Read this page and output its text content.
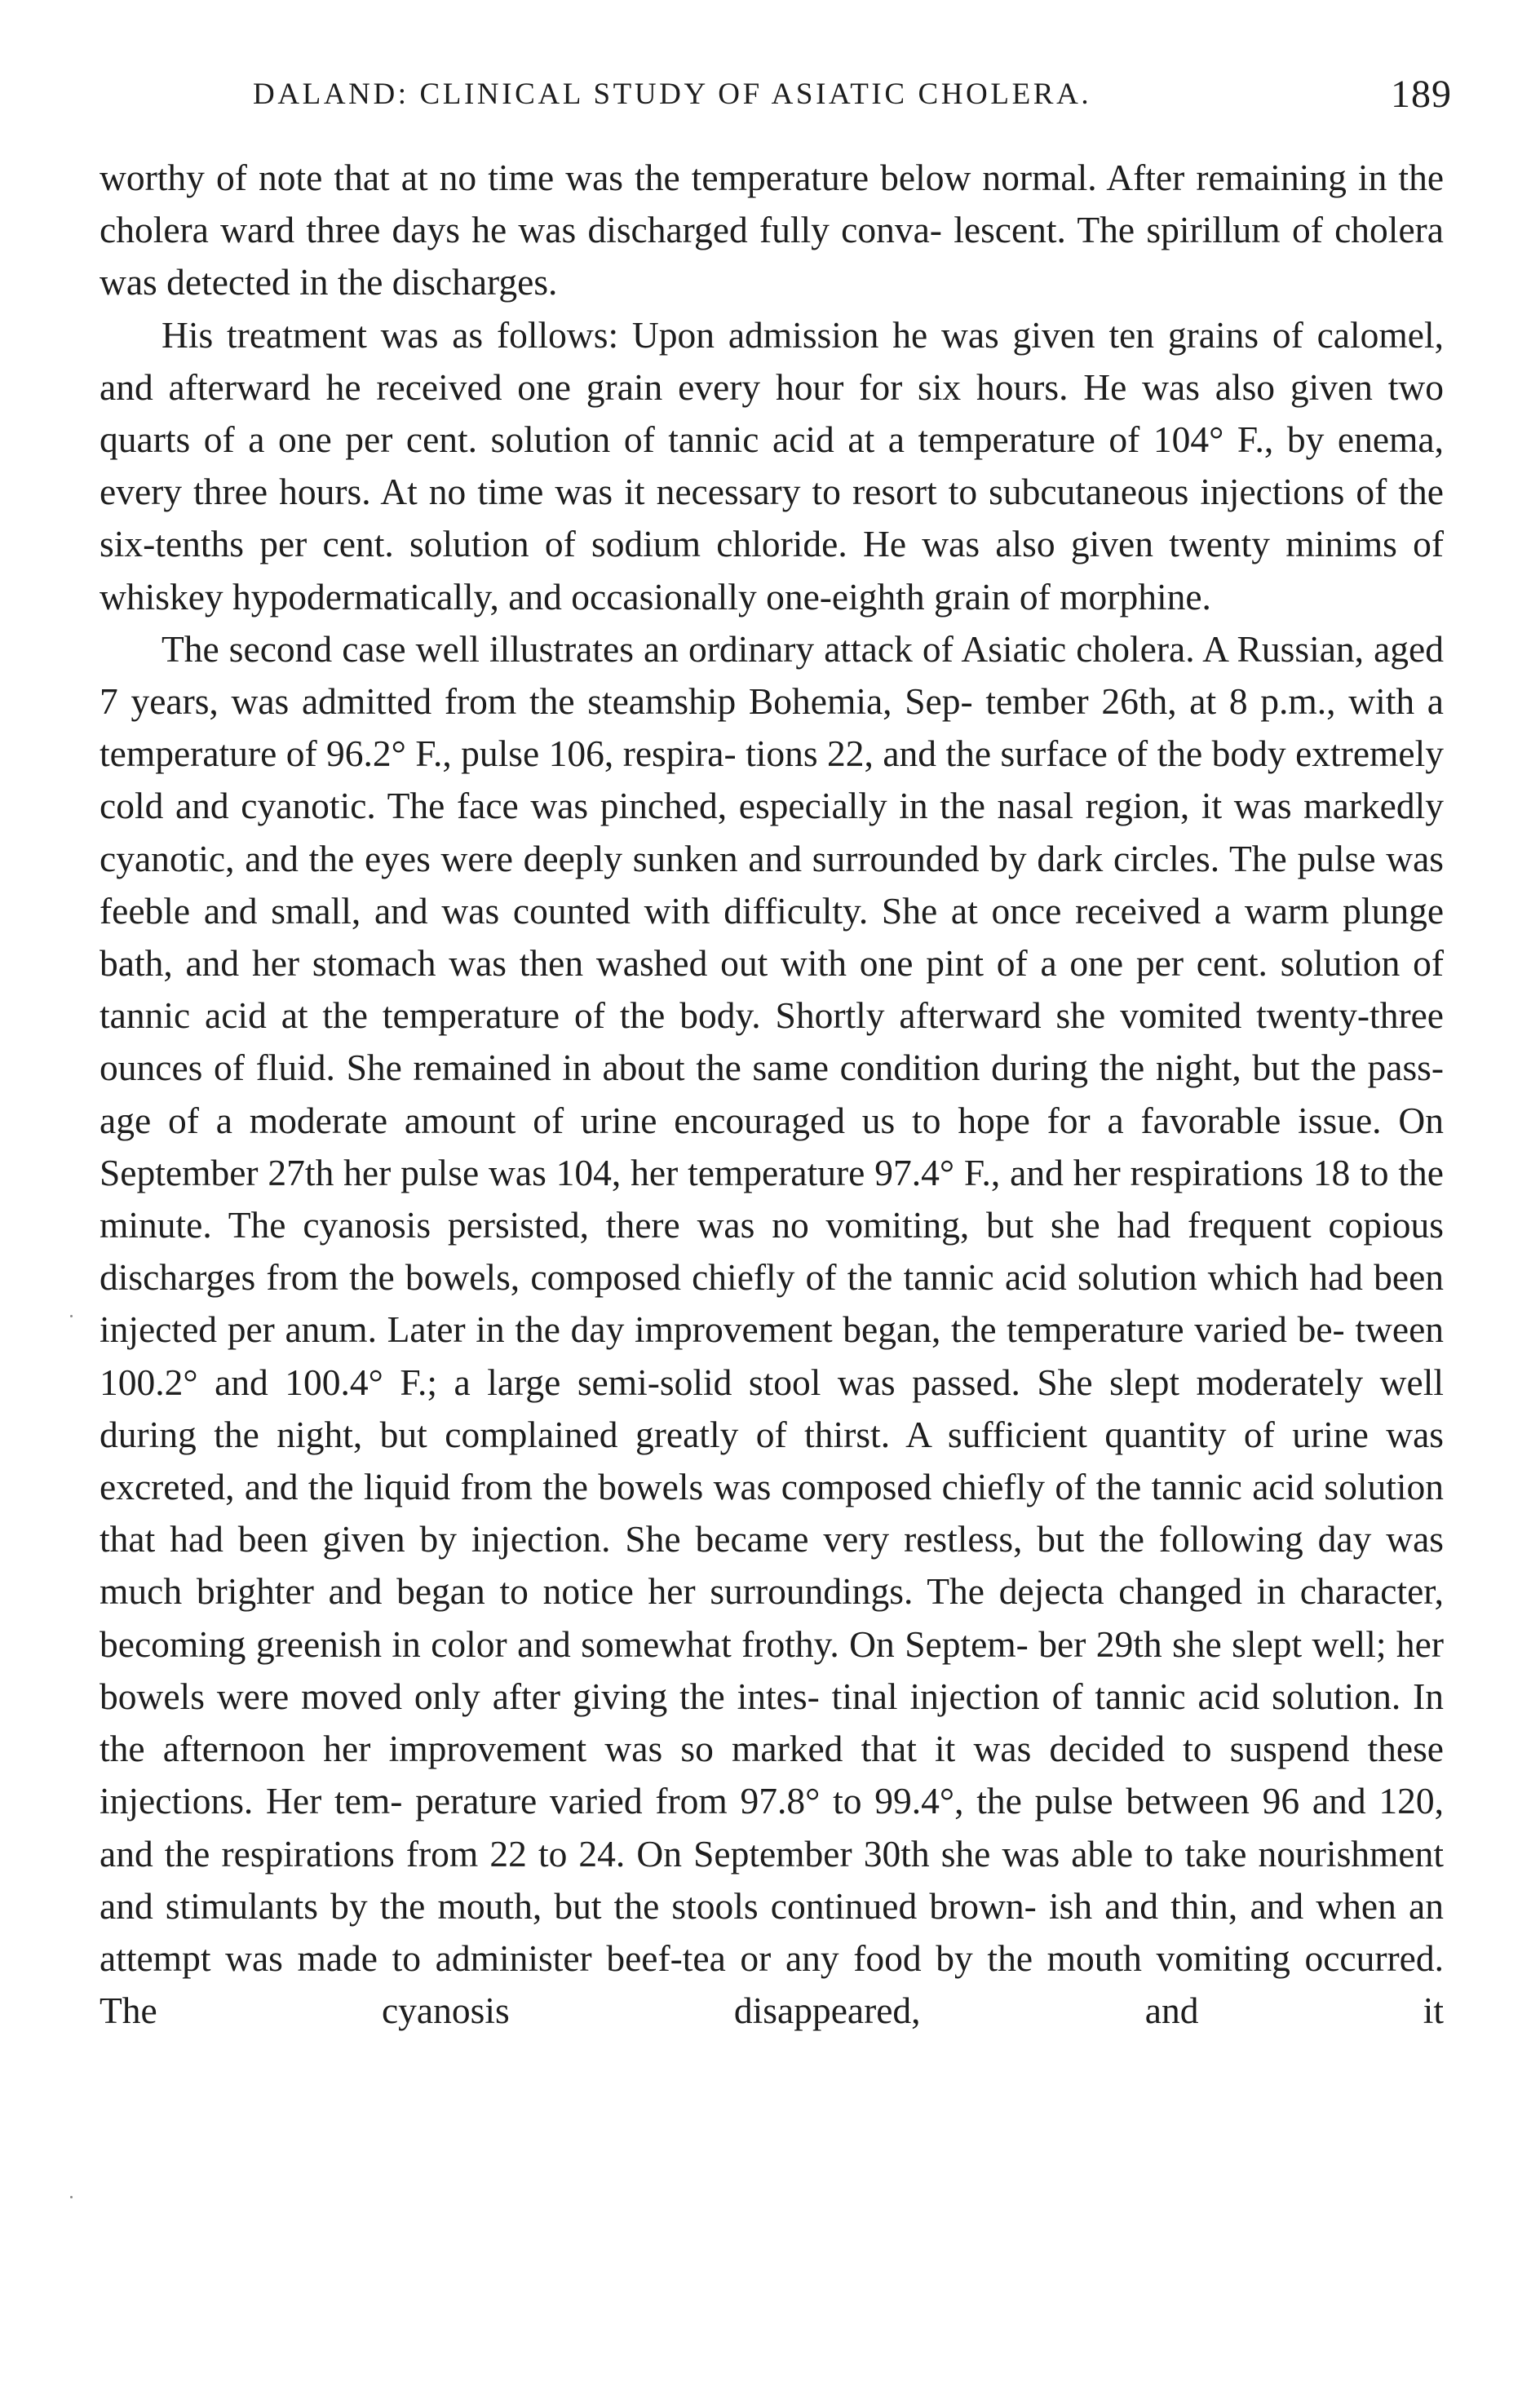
DALAND: CLINICAL STUDY OF ASIATIC CHOLERA.	189

worthy of note that at no time was the temperature below normal. After remaining in the cholera ward three days he was discharged fully conva- lescent. The spirillum of cholera was detected in the discharges.

His treatment was as follows: Upon admission he was given ten grains of calomel, and afterward he received one grain every hour for six hours. He was also given two quarts of a one per cent. solution of tannic acid at a temperature of 104° F., by enema, every three hours. At no time was it necessary to resort to subcutaneous injections of the six-tenths per cent. solution of sodium chloride. He was also given twenty minims of whiskey hypodermatically, and occasionally one-eighth grain of morphine.

The second case well illustrates an ordinary attack of Asiatic cholera. A Russian, aged 7 years, was admitted from the steamship Bohemia, Sep- tember 26th, at 8 p.m., with a temperature of 96.2° F., pulse 106, respira- tions 22, and the surface of the body extremely cold and cyanotic. The face was pinched, especially in the nasal region, it was markedly cyanotic, and the eyes were deeply sunken and surrounded by dark circles. The pulse was feeble and small, and was counted with difficulty. She at once received a warm plunge bath, and her stomach was then washed out with one pint of a one per cent. solution of tannic acid at the temperature of the body. Shortly afterward she vomited twenty-three ounces of fluid. She remained in about the same condition during the night, but the pass- age of a moderate amount of urine encouraged us to hope for a favorable issue. On September 27th her pulse was 104, her temperature 97.4° F., and her respirations 18 to the minute. The cyanosis persisted, there was no vomiting, but she had frequent copious discharges from the bowels, composed chiefly of the tannic acid solution which had been injected per anum. Later in the day improvement began, the temperature varied be- tween 100.2° and 100.4° F.; a large semi-solid stool was passed. She slept moderately well during the night, but complained greatly of thirst. A sufficient quantity of urine was excreted, and the liquid from the bowels was composed chiefly of the tannic acid solution that had been given by injection. She became very restless, but the following day was much brighter and began to notice her surroundings. The dejecta changed in character, becoming greenish in color and somewhat frothy. On Septem- ber 29th she slept well; her bowels were moved only after giving the intes- tinal injection of tannic acid solution. In the afternoon her improvement was so marked that it was decided to suspend these injections. Her tem- perature varied from 97.8° to 99.4°, the pulse between 96 and 120, and the respirations from 22 to 24. On September 30th she was able to take nourishment and stimulants by the mouth, but the stools continued brown- ish and thin, and when an attempt was made to administer beef-tea or any food by the mouth vomiting occurred. The cyanosis disappeared, and it
